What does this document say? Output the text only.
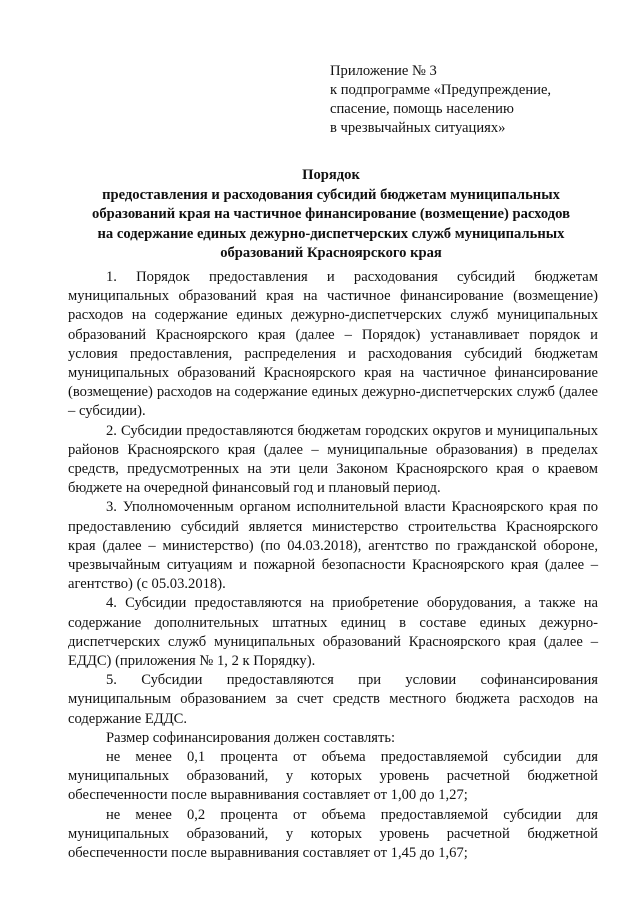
Приложение № 3
к подпрограмме «Предупреждение,
спасение, помощь населению
в чрезвычайных ситуациях»
Порядок
предоставления и расходования субсидий бюджетам муниципальных
образований края на частичное финансирование (возмещение) расходов
на содержание единых дежурно-диспетчерских служб муниципальных
образований Красноярского края

1. Порядок предоставления и расходования субсидий бюджетам муниципальных образований края на частичное финансирование (возмещение) расходов на содержание единых дежурно-диспетчерских служб муниципальных образований Красноярского края (далее – Порядок) устанавливает порядок и условия предоставления, распределения и расходования субсидий бюджетам муниципальных образований Красноярского края на частичное финансирование (возмещение) расходов на содержание единых дежурно-диспетчерских служб (далее – субсидии).

2. Субсидии предоставляются бюджетам городских округов и муниципальных районов Красноярского края (далее – муниципальные образования) в пределах средств, предусмотренных на эти цели Законом Красноярского края о краевом бюджете на очередной финансовый год и плановый период.

3. Уполномоченным органом исполнительной власти Красноярского края по предоставлению субсидий является министерство строительства Красноярского края (далее – министерство) (по 04.03.2018), агентство по гражданской обороне, чрезвычайным ситуациям и пожарной безопасности Красноярского края (далее – агентство) (с 05.03.2018).

4. Субсидии предоставляются на приобретение оборудования, а также на содержание дополнительных штатных единиц в составе единых дежурно-диспетчерских служб муниципальных образований Красноярского края (далее – ЕДДС) (приложения № 1, 2 к Порядку).

5. Субсидии предоставляются при условии софинансирования муниципальным образованием за счет средств местного бюджета расходов на содержание ЕДДС.

Размер софинансирования должен составлять:

не менее 0,1 процента от объема предоставляемой субсидии для муниципальных образований, у которых уровень расчетной бюджетной обеспеченности после выравнивания составляет от 1,00 до 1,27;

не менее 0,2 процента от объема предоставляемой субсидии для муниципальных образований, у которых уровень расчетной бюджетной обеспеченности после выравнивания составляет от 1,45 до 1,67;
